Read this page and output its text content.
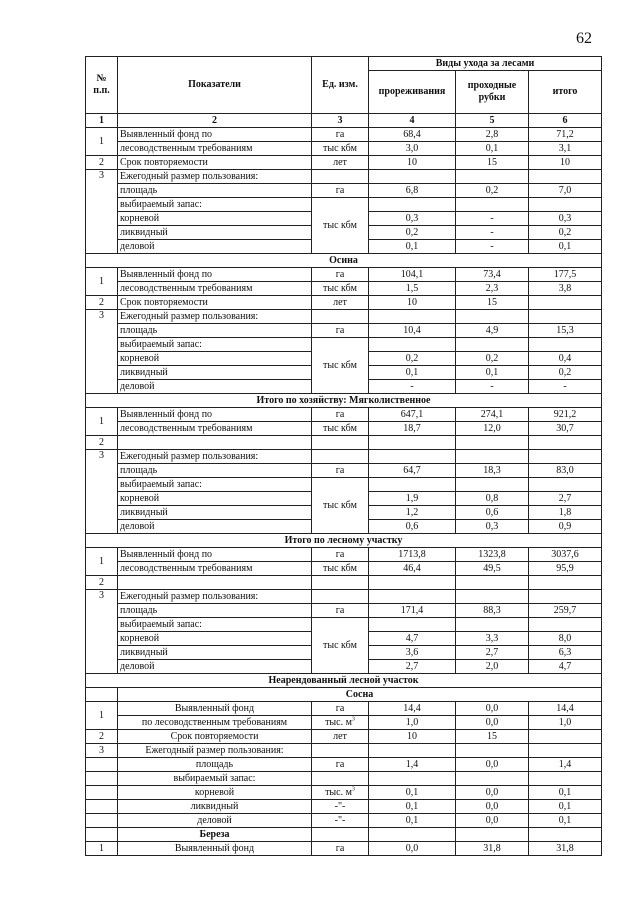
62
№ п.п.	Показатели	Ед. изм.	Виды ухода за лесами		
			прореживания	проходные рубки	итого
1	2	3	4	5	6
1	Выявленный фонд по	га	68,4	2,8	71,2
	лесоводственным требованиям	тыс кбм	3,0	0,1	3,1
2	Срок повторяемости	лет	10	15	10
3	Ежегодный размер пользования:				
	площадь	га	6,8	0,2	7,0
	выбираемый запас:	тыс кбм			
	корневой		0,3	-	0,3
	ликвидный		0,2	-	0,2
	деловой		0,1	-	0,1
Осина					
1	Выявленный фонд по	га	104,1	73,4	177,5
	лесоводственным требованиям	тыс кбм	1,5	2,3	3,8
2	Срок повторяемости	лет	10	15	
3	Ежегодный размер пользования:				
	площадь	га	10,4	4,9	15,3
	выбираемый запас:	тыс кбм			
	корневой		0,2	0,2	0,4
	ликвидный		0,1	0,1	0,2
	деловой		-	-	-
Итого по хозяйству: Мягколиственное					
1	Выявленный фонд по	га	647,1	274,1	921,2
	лесоводственным требованиям	тыс кбм	18,7	12,0	30,7
2					
3	Ежегодный размер пользования:				
	площадь	га	64,7	18,3	83,0
	выбираемый запас:	тыс кбм			
	корневой		1,9	0,8	2,7
	ликвидный		1,2	0,6	1,8
	деловой		0,6	0,3	0,9
Итого по лесному участку					
1	Выявленный фонд по	га	1713,8	1323,8	3037,6
	лесоводственным требованиям	тыс кбм	46,4	49,5	95,9
2					
3	Ежегодный размер пользования:				
	площадь	га	171,4	88,3	259,7
	выбираемый запас:	тыс кбм			
	корневой		4,7	3,3	8,0
	ликвидный		3,6	2,7	6,3
	деловой		2,7	2,0	4,7
Неарендованный лесной участок					
	Сосна				
1	Выявленный фонд	га	14,4	0,0	14,4
	по лесоводственным требованиям	тыс. $м^3$	1,0	0,0	1,0
2	Срок повторяемости	лет	10	15	
3	Ежегодный размер пользования:				
	площадь	га	1,4	0,0	1,4
	выбираемый запас:				
	корневой	тыс. $м^3$	0,1	0,0	0,1
	ликвидный	-"-	0,1	0,0	0,1
	деловой	-"-	0,1	0,0	0,1
	Береза				
1	Выявленный фонд	га	0,0	31,8	31,8
